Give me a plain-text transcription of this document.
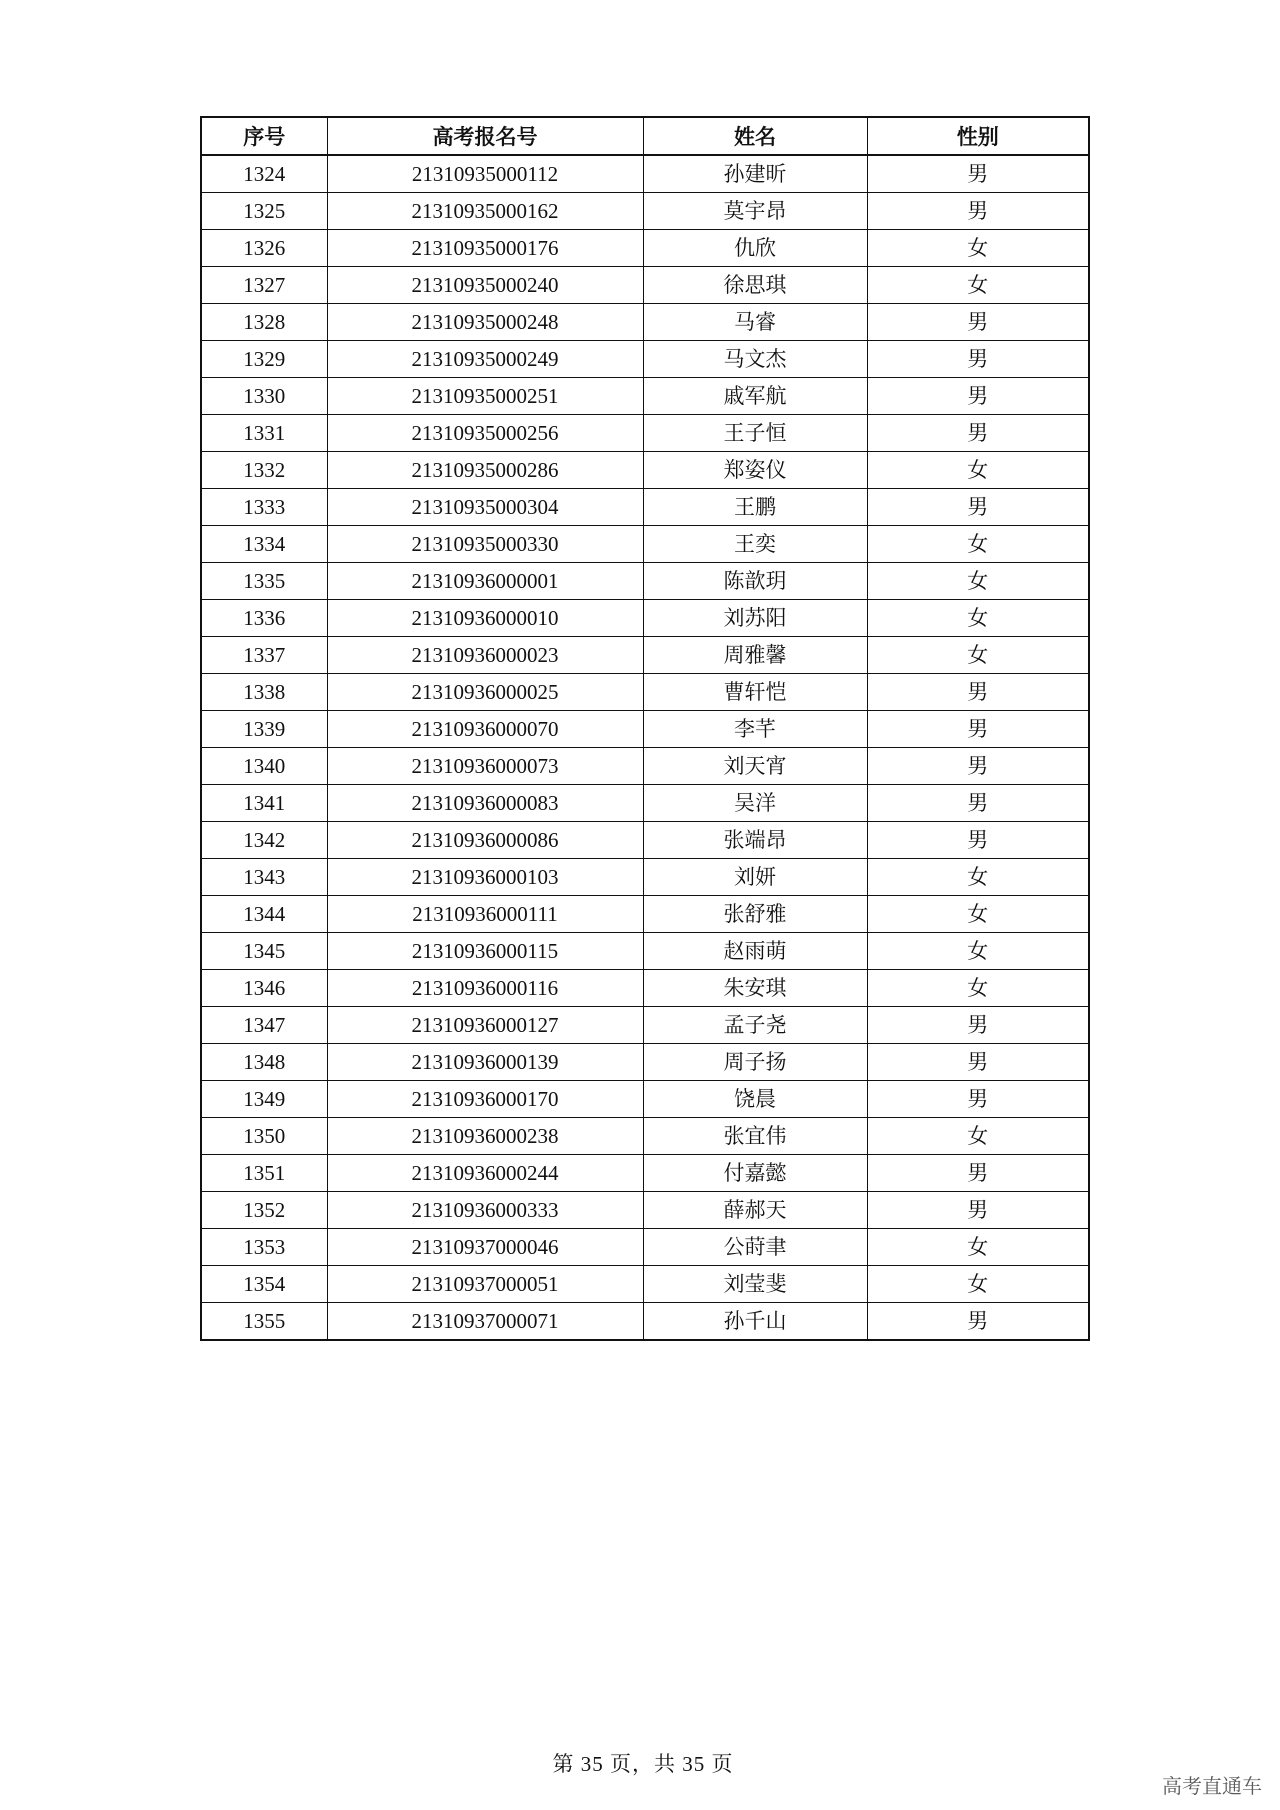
序号	高考报名号	姓名	性别
1324	21310935000112	孙建昕	男
1325	21310935000162	莫宇昂	男
1326	21310935000176	仇欣	女
1327	21310935000240	徐思琪	女
1328	21310935000248	马睿	男
1329	21310935000249	马文杰	男
1330	21310935000251	戚军航	男
1331	21310935000256	王子恒	男
1332	21310935000286	郑姿仪	女
1333	21310935000304	王鹏	男
1334	21310935000330	王奕	女
1335	21310936000001	陈歆玥	女
1336	21310936000010	刘苏阳	女
1337	21310936000023	周雅馨	女
1338	21310936000025	曹轩恺	男
1339	21310936000070	李芊	男
1340	21310936000073	刘天宵	男
1341	21310936000083	吴洋	男
1342	21310936000086	张端昂	男
1343	21310936000103	刘妍	女
1344	21310936000111	张舒雅	女
1345	21310936000115	赵雨萌	女
1346	21310936000116	朱安琪	女
1347	21310936000127	孟子尧	男
1348	21310936000139	周子扬	男
1349	21310936000170	饶晨	男
1350	21310936000238	张宜伟	女
1351	21310936000244	付嘉懿	男
1352	21310936000333	薛郝天	男
1353	21310937000046	公莳聿	女
1354	21310937000051	刘莹斐	女
1355	21310937000071	孙千山	男
第 35 页，共 35 页
高考直通车
